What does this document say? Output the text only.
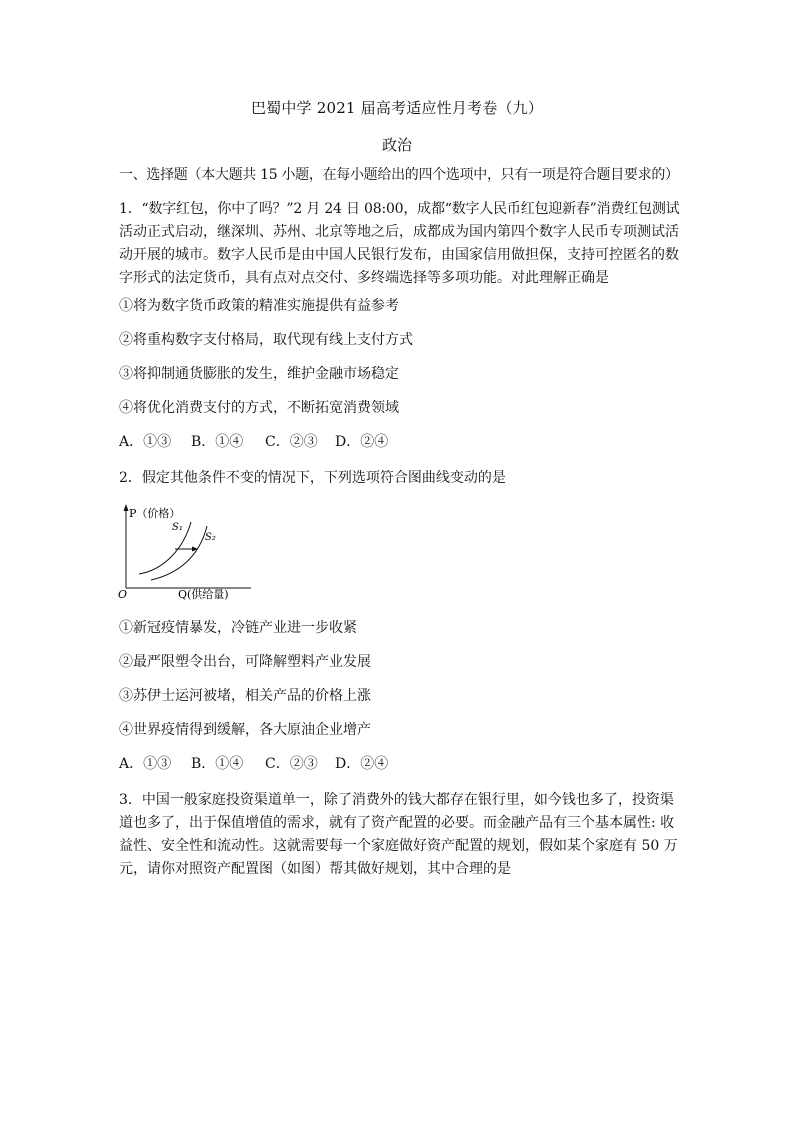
巴蜀中学 2021 届高考适应性月考卷（九）
政治
一、选择题（本大题共 15 小题，在每小题给出的四个选项中，只有一项是符合题目要求的）
1．“数字红包，你中了吗？”2 月 24 日 08:00，成都“数字人民币红包迎新春”消费红包测试
活动正式启动，继深圳、苏州、北京等地之后，成都成为国内第四个数字人民币专项测试活
动开展的城市。数字人民币是由中国人民银行发布，由国家信用做担保，支持可控匿名的数
字形式的法定货币，具有点对点交付、多终端选择等多项功能。对此理解正确是
①将为数字货币政策的精准实施提供有益参考
②将重构数字支付格局，取代现有线上支付方式
③将抑制通货膨胀的发生，维护金融市场稳定
④将优化消费支付的方式，不断拓宽消费领域
A．①③ B．①④ C．②③ D．②④
2．假定其他条件不变的情况下，下列选项符合图曲线变动的是
P（价格）
S₁
S₂
O	Q(供给量)
①新冠疫情暴发，冷链产业进一步收紧
②最严限塑令出台，可降解塑料产业发展
③苏伊士运河被堵，相关产品的价格上涨
④世界疫情得到缓解，各大原油企业增产
A．①③ B．①④ C．②③ D．②④
3．中国一般家庭投资渠道单一，除了消费外的钱大都存在银行里，如今钱也多了，投资渠
道也多了，出于保值增值的需求，就有了资产配置的必要。而金融产品有三个基本属性: 收
益性、安全性和流动性。这就需要每一个家庭做好资产配置的规划，假如某个家庭有 50 万
元，请你对照资产配置图（如图）帮其做好规划，其中合理的是
